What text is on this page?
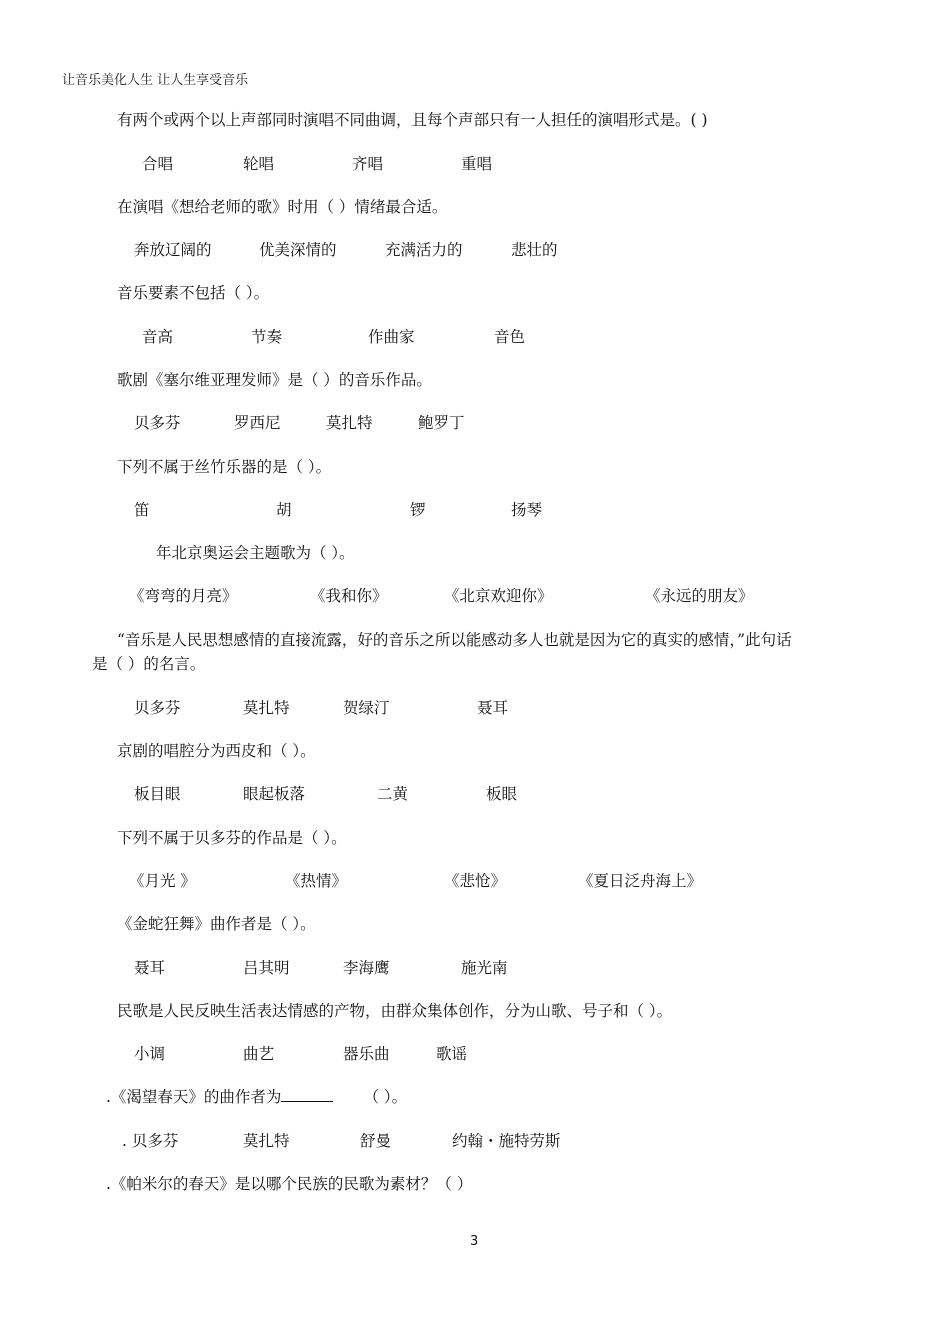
让音乐美化人生 让人生享受音乐
有两个或两个以上声部同时演唱不同曲调，且每个声部只有一人担任的演唱形式是。( )
合唱	轮唱	齐唱	重唱
在演唱《想给老师的歌》时用（ ）情绪最合适。
奔放辽阔的	优美深情的	充满活力的	悲壮的
音乐要素不包括（ ）。
音高	节奏	作曲家	音色
歌剧《塞尔维亚理发师》是（ ）的音乐作品。
贝多芬	罗西尼	莫扎特	鲍罗丁
下列不属于丝竹乐器的是（ ）。
笛	胡	锣	扬琴
年北京奥运会主题歌为（ ）。
《弯弯的月亮》	《我和你》	《北京欢迎你》	《永远的朋友》
“音乐是人民思想感情的直接流露，好的音乐之所以能感动多人也就是因为它的真实的感情，”此句话
是（ ）的名言。
贝多芬	莫扎特	贺绿汀	聂耳
京剧的唱腔分为西皮和（ ）。
板目眼	眼起板落	二黄	板眼
下列不属于贝多芬的作品是（ ）。
《月光 》	《热情》	《悲怆》	《夏日泛舟海上》
《金蛇狂舞》曲作者是（ ）。
聂耳	吕其明	李海鹰	施光南
民歌是人民反映生活表达情感的产物，由群众集体创作，分为山歌、号子和（ ）。
小调	曲艺	器乐曲	歌谣
.《渴望春天》的曲作者为	（ ）。
. 贝多芬	莫扎特	舒曼	约翰・施特劳斯
.《帕米尔的春天》是以哪个民族的民歌为素材？（ ）
3
